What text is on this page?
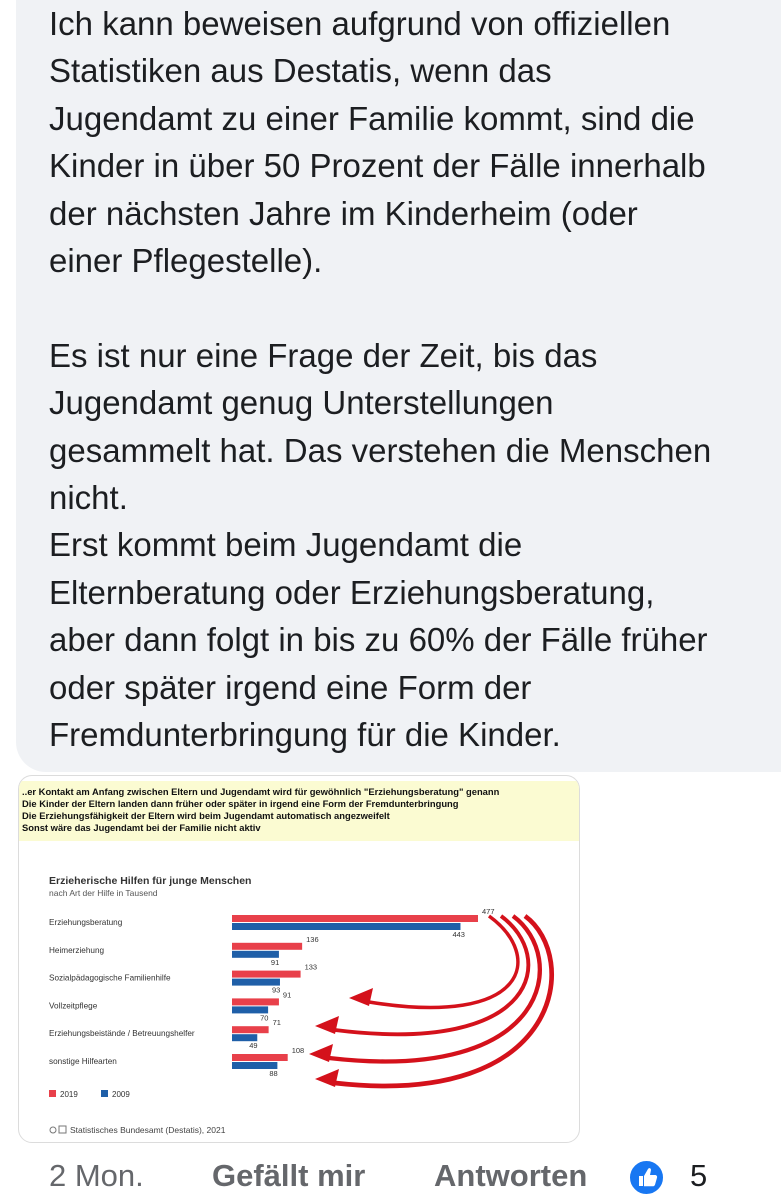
Ich kann beweisen aufgrund von offiziellen
Statistiken aus Destatis, wenn das
Jugendamt zu einer Familie kommt, sind die
Kinder in über 50 Prozent der Fälle innerhalb
der nächsten Jahre im Kinderheim (oder
einer Pflegestelle).

Es ist nur eine Frage der Zeit, bis das
Jugendamt genug Unterstellungen
gesammelt hat. Das verstehen die Menschen
nicht.

Erst kommt beim Jugendamt die
Elternberatung oder Erziehungsberatung,
aber dann folgt in bis zu 60% der Fälle früher
oder später irgend eine Form der
Fremdunterbringung für die Kinder.

..er Kontakt am Anfang zwischen Eltern und Jugendamt wird für gewöhnlich "Erziehungsberatung" genann
Die Kinder der Eltern landen dann früher oder später in irgend eine Form der Fremdunterbringung
Die Erziehungsfähigkeit der Eltern wird beim Jugendamt automatisch angezweifelt
Sonst wäre das Jugendamt bei der Familie nicht aktiv
Erzieherische Hilfen für junge Menschen
nach Art der Hilfe in Tausend
Erziehungsberatung
477
443
Heimerziehung
136
91
Sozialpädagogische Familienhilfe
133
93
Vollzeitpflege
91
70
Erziehungsbeistände / Betreuungshelfer
71
49
sonstige Hilfearten
108
88
2019	2009
Statistisches Bundesamt (Destatis), 2021
2 Mon. Gefällt mir Antworten	5
